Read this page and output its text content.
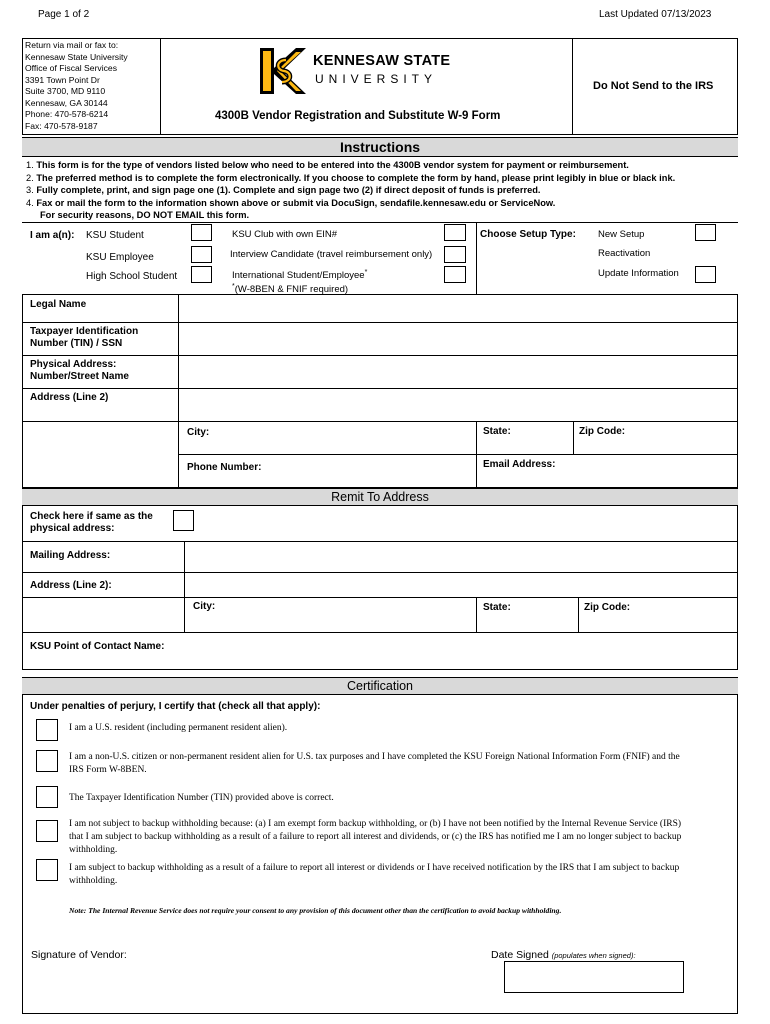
Page 1 of 2	Last Updated 07/13/2023
Return via mail or fax to:
Kennesaw State University
Office of Fiscal Services
3391 Town Point Dr
Suite 3700, MD 9110
Kennesaw, GA 30144
Phone: 470-578-6214
Fax: 470-578-9187
KENNESAW STATE
UNIVERSITY
4300B Vendor Registration and Substitute W-9 Form
Do Not Send to the IRS
Instructions
1. This form is for the type of vendors listed below who need to be entered into the 4300B vendor system for payment or reimbursement.
2. The preferred method is to complete the form electronically. If you choose to complete the form by hand, please print legibly in blue or black ink.
3. Fully complete, print, and sign page one (1). Complete and sign page two (2) if direct deposit of funds is preferred.
4. Fax or mail the form to the information shown above or submit via DocuSign, sendafile.kennesaw.edu or ServiceNow.
For security reasons, DO NOT EMAIL this form.
I am a(n): KSU Student
KSU Employee
High School Student
KSU Club with own EIN#
Interview Candidate (travel reimbursement only)
International Student/Employee*
*(W-8BEN & FNIF required)
Choose Setup Type: New Setup
Reactivation
Update Information
Legal Name
Taxpayer Identification
Number (TIN) / SSN
Physical Address:
Number/Street Name
Address (Line 2)
City:	State:	Zip Code:
Phone Number:	Email Address:
Remit To Address
Check here if same as the
physical address:
Mailing Address:
Address (Line 2):
City:	State:	Zip Code:
KSU Point of Contact Name:
Certification
Under penalties of perjury, I certify that (check all that apply):
I am a U.S. resident (including permanent resident alien).
I am a non-U.S. citizen or non-permanent resident alien for U.S. tax purposes and I have completed the KSU Foreign National Information Form (FNIF) and the
IRS Form W-8BEN.
The Taxpayer Identification Number (TIN) provided above is correct.
I am not subject to backup withholding because: (a) I am exempt form backup withholding, or (b) I have not been notified by the Internal Revenue Service (IRS)
that I am subject to backup withholding as a result of a failure to report all interest and dividends, or (c) the IRS has notified me I am no longer subject to backup
withholding.
I am subject to backup withholding as a result of a failure to report all interest or dividends or I have received notification by the IRS that I am subject to backup
withholding.
Note: The Internal Revenue Service does not require your consent to any provision of this document other than the certification to avoid backup withholding.
Signature of Vendor:	Date Signed (populates when signed):
